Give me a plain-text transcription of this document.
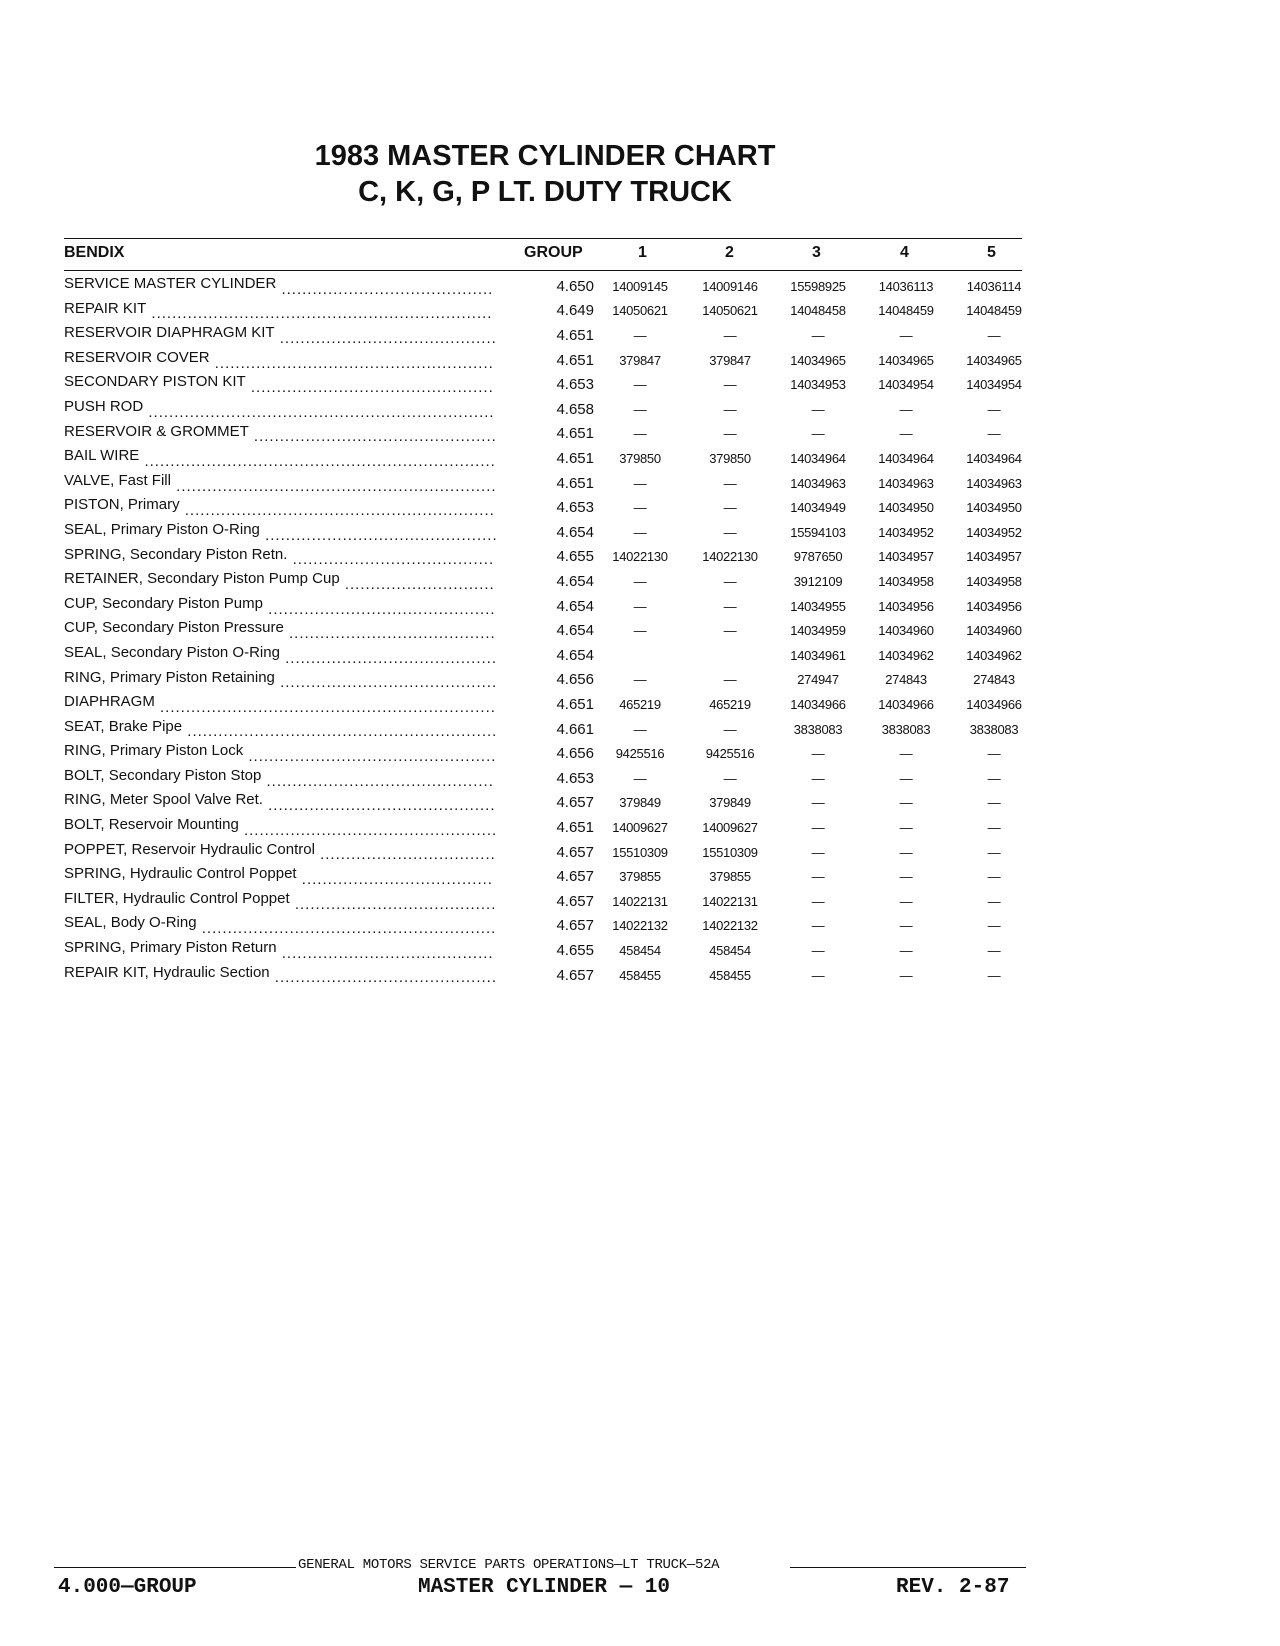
1983 MASTER CYLINDER CHART
C, K, G, P LT. DUTY TRUCK
BENDIX	GROUP	1	2	3	4	5
SERVICE MASTER CYLINDER .........................................	4.650	14009145	14009146	15598925	14036113	14036114
REPAIR KIT ..................................................................	4.649	14050621	14050621	14048458	14048459	14048459
RESERVOIR DIAPHRAGM KIT ..........................................	4.651	—	—	—	—	—
RESERVOIR COVER ......................................................	4.651	379847	379847	14034965	14034965	14034965
SECONDARY PISTON KIT ...............................................	4.653	—	—	14034953	14034954	14034954
PUSH ROD ...................................................................	4.658	—	—	—	—	—
RESERVOIR & GROMMET ...............................................	4.651	—	—	—	—	—
BAIL WIRE ....................................................................	4.651	379850	379850	14034964	14034964	14034964
VALVE, Fast Fill ..............................................................	4.651	—	—	14034963	14034963	14034963
PISTON, Primary ............................................................	4.653	—	—	14034949	14034950	14034950
SEAL, Primary Piston O-Ring .............................................	4.654	—	—	15594103	14034952	14034952
SPRING, Secondary Piston Retn. .......................................	4.655	14022130	14022130	9787650	14034957	14034957
RETAINER, Secondary Piston Pump Cup .............................	4.654	—	—	3912109	14034958	14034958
CUP, Secondary Piston Pump ............................................	4.654	—	—	14034955	14034956	14034956
CUP, Secondary Piston Pressure ........................................	4.654	—	—	14034959	14034960	14034960
SEAL, Secondary Piston O-Ring .........................................	4.654			14034961	14034962	14034962
RING, Primary Piston Retaining ..........................................	4.656	—	—	274947	274843	274843
DIAPHRAGM .................................................................	4.651	465219	465219	14034966	14034966	14034966
SEAT, Brake Pipe ............................................................	4.661	—	—	3838083	3838083	3838083
RING, Primary Piston Lock ................................................	4.656	9425516	9425516	—	—	—
BOLT, Secondary Piston Stop ............................................	4.653	—	—	—	—	—
RING, Meter Spool Valve Ret. ............................................	4.657	379849	379849	—	—	—
BOLT, Reservoir Mounting .................................................	4.651	14009627	14009627	—	—	—
POPPET, Reservoir Hydraulic Control ..................................	4.657	15510309	15510309	—	—	—
SPRING, Hydraulic Control Poppet .....................................	4.657	379855	379855	—	—	—
FILTER, Hydraulic Control Poppet .......................................	4.657	14022131	14022131	—	—	—
SEAL, Body O-Ring .........................................................	4.657	14022132	14022132	—	—	—
SPRING, Primary Piston Return .........................................	4.655	458454	458454	—	—	—
REPAIR KIT, Hydraulic Section ...........................................	4.657	458455	458455	—	—	—
GENERAL MOTORS SERVICE PARTS OPERATIONS—LT TRUCK—52A
4.000—GROUP	MASTER CYLINDER — 10	REV. 2-87
